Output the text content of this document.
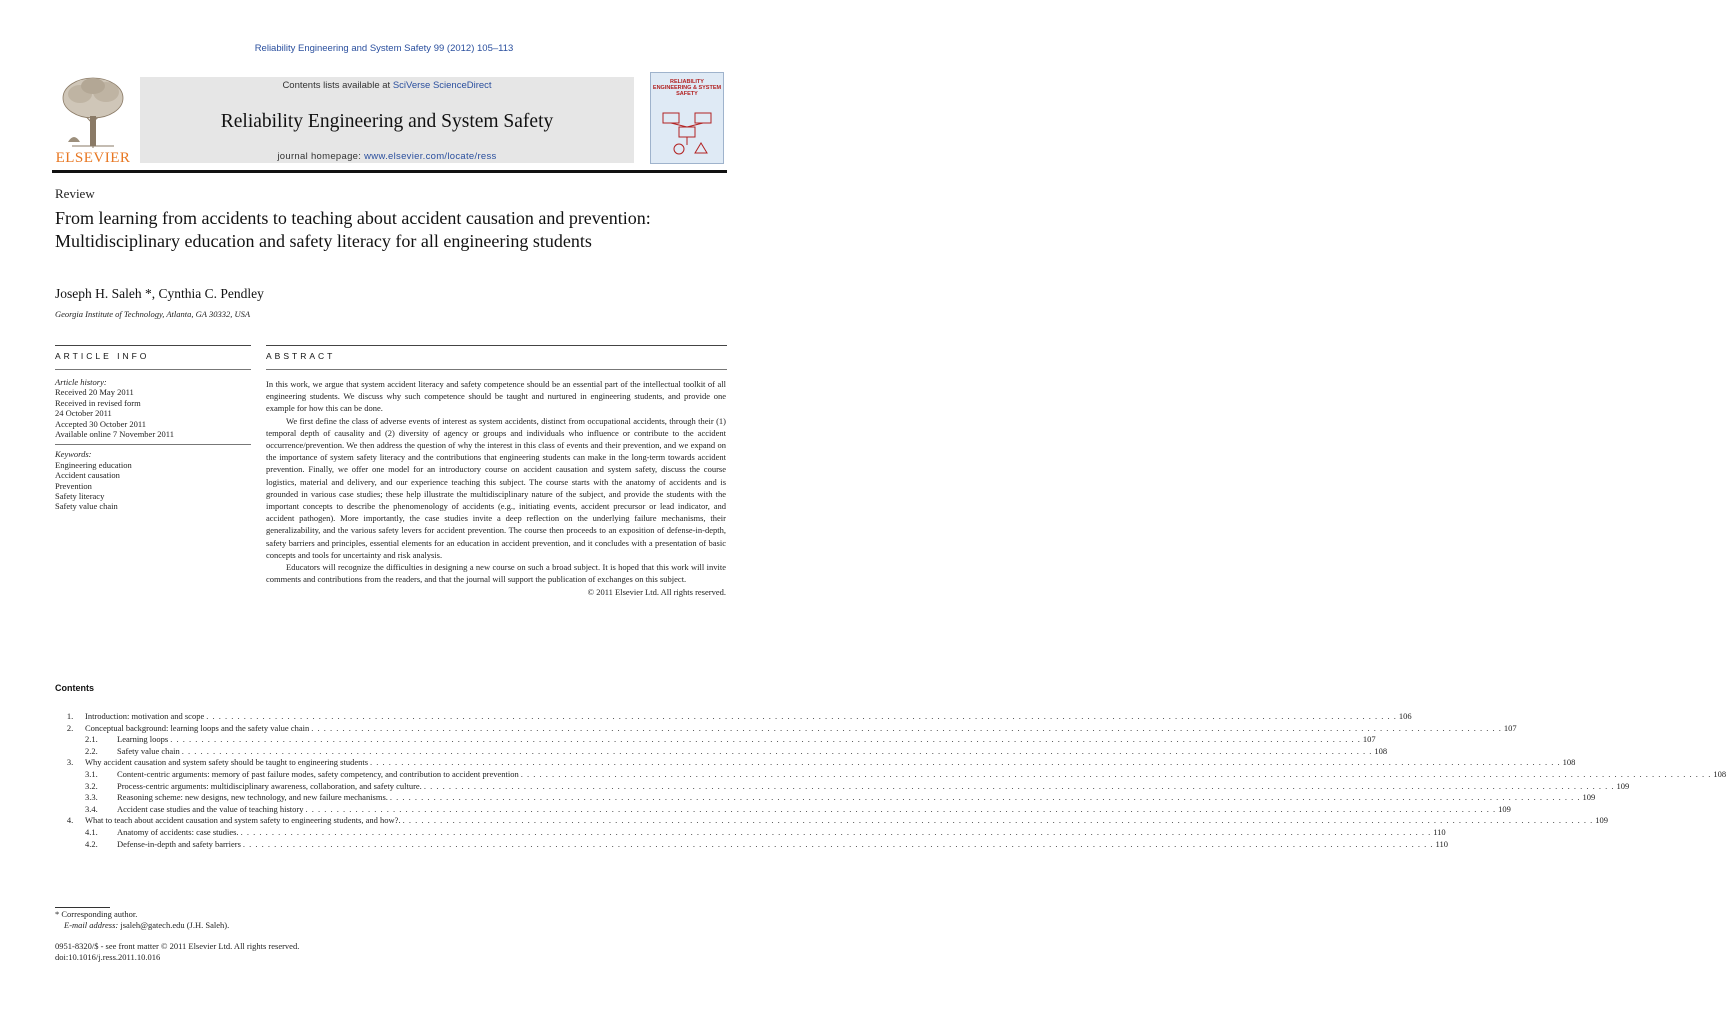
Reliability Engineering and System Safety 99 (2012) 105–113
ELSEVIER
Contents lists available at SciVerse ScienceDirect
Reliability Engineering and System Safety
journal homepage: www.elsevier.com/locate/ress
RELIABILITY ENGINEERING & SYSTEM SAFETY
Review
From learning from accidents to teaching about accident causation and prevention: Multidisciplinary education and safety literacy for all engineering students
Joseph H. Saleh *, Cynthia C. Pendley
Georgia Institute of Technology, Atlanta, GA 30332, USA
ARTICLE INFO	ABSTRACT
Article history:
Received 20 May 2011
Received in revised form
24 October 2011
Accepted 30 October 2011
Available online 7 November 2011
Keywords:
Engineering education
Accident causation
Prevention
Safety literacy
Safety value chain

In this work, we argue that system accident literacy and safety competence should be an essential part of the intellectual toolkit of all engineering students. We discuss why such competence should be taught and nurtured in engineering students, and provide one example for how this can be done.

We first define the class of adverse events of interest as system accidents, distinct from occupational accidents, through their (1) temporal depth of causality and (2) diversity of agency or groups and individuals who influence or contribute to the accident occurrence/prevention. We then address the question of why the interest in this class of events and their prevention, and we expand on the importance of system safety literacy and the contributions that engineering students can make in the long-term towards accident prevention. Finally, we offer one model for an introductory course on accident causation and system safety, discuss the course logistics, material and delivery, and our experience teaching this subject. The course starts with the anatomy of accidents and is grounded in various case studies; these help illustrate the multidisciplinary nature of the subject, and provide the students with the important concepts to describe the phenomenology of accidents (e.g., initiating events, accident precursor or lead indicator, and accident pathogen). More importantly, the case studies invite a deep reflection on the underlying failure mechanisms, their generalizability, and the various safety levers for accident prevention. The course then proceeds to an exposition of defense-in-depth, safety barriers and principles, essential elements for an education in accident prevention, and it concludes with a presentation of basic concepts and tools for uncertainty and risk analysis.

Educators will recognize the difficulties in designing a new course on such a broad subject. It is hoped that this work will invite comments and contributions from the readers, and that the journal will support the publication of exchanges on this subject.

© 2011 Elsevier Ltd. All rights reserved.
Contents
1.	Introduction: motivation and scope . . .	106
2.	Conceptual background: learning loops and the safety value chain . . .	107
2.1.	Learning loops . . .	107
2.2.	Safety value chain . . .	108
3.	Why accident causation and system safety should be taught to engineering students . . .	108
3.1.	Content-centric arguments: memory of past failure modes, safety competency, and contribution to accident prevention . . .	108
3.2.	Process-centric arguments: multidisciplinary awareness, collaboration, and safety culture. . . .	109
3.3.	Reasoning scheme: new designs, new technology, and new failure mechanisms. . . .	109
3.4.	Accident case studies and the value of teaching history . . .	109
4.	What to teach about accident causation and system safety to engineering students, and how?. . . .	109
4.1.	Anatomy of accidents: case studies. . . .	110
4.2.	Defense-in-depth and safety barriers . . .	110
* Corresponding author.
E-mail address: jsaleh@gatech.edu (J.H. Saleh).
0951-8320/$ - see front matter © 2011 Elsevier Ltd. All rights reserved.
doi:10.1016/j.ress.2011.10.016
